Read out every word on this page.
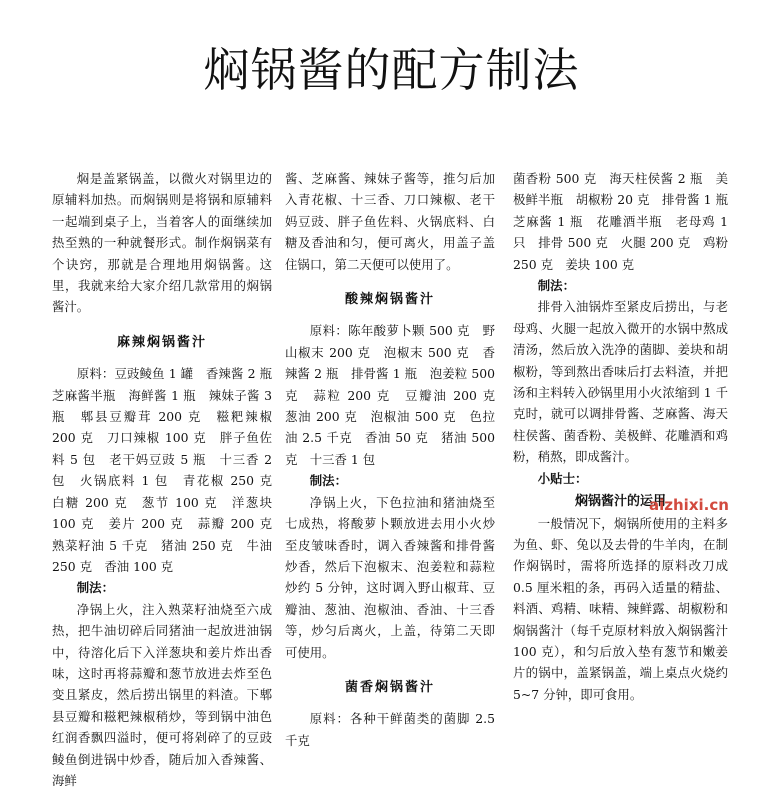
焖锅酱的配方制法

焖是盖紧锅盖，以微火对锅里边的原辅料加热。而焖锅则是将锅和原辅料一起端到桌子上，当着客人的面继续加热至熟的一种就餐形式。制作焖锅菜有个诀窍，那就是合理地用焖锅酱。这里，我就来给大家介绍几款常用的焖锅酱汁。

麻辣焖锅酱汁

原料：豆豉鲮鱼 1 罐　香辣酱 2 瓶　芝麻酱半瓶　海鲜酱 1 瓶　辣妹子酱 3 瓶　郫县豆瓣茸 200 克　糍粑辣椒 200 克　刀口辣椒 100 克　胖子鱼佐料 5 包　老干妈豆豉 5 瓶　十三香 2 包　火锅底料 1 包　青花椒 250 克　白糖 200 克　葱节 100 克　洋葱块 100 克　姜片 200 克　蒜瓣 200 克　熟菜籽油 5 千克　猪油 250 克　牛油 250 克　香油 100 克

制法：

净锅上火，注入熟菜籽油烧至六成热，把牛油切碎后同猪油一起放进油锅中，待溶化后下入洋葱块和姜片炸出香味，这时再将蒜瓣和葱节放进去炸至色变且紧皮，然后捞出锅里的料渣。下郫县豆瓣和糍粑辣椒稍炒，等到锅中油色红润香飘四溢时，便可将剁碎了的豆豉鲮鱼倒进锅中炒香，随后加入香辣酱、海鲜

酱、芝麻酱、辣妹子酱等，推匀后加入青花椒、十三香、刀口辣椒、老干妈豆豉、胖子鱼佐料、火锅底料、白糖及香油和匀，便可离火，用盖子盖住锅口，第二天便可以使用了。

酸辣焖锅酱汁

原料：陈年酸萝卜颗 500 克　野山椒末 200 克　泡椒末 500 克　香辣酱 2 瓶　排骨酱 1 瓶　泡姜粒 500 克　蒜粒 200 克　豆瓣油 200 克　葱油 200 克　泡椒油 500 克　色拉油 2.5 千克　香油 50 克　猪油 500 克　十三香 1 包

制法：

净锅上火，下色拉油和猪油烧至七成热，将酸萝卜颗放进去用小火炒至皮皱味香时，调入香辣酱和排骨酱炒香，然后下泡椒末、泡姜粒和蒜粒炒约 5 分钟，这时调入野山椒茸、豆瓣油、葱油、泡椒油、香油、十三香等，炒匀后离火，上盖，待第二天即可使用。

菌香焖锅酱汁

原料：各种干鲜菌类的菌脚 2.5 千克

菌香粉 500 克　海天柱侯酱 2 瓶　美极鲜半瓶　胡椒粉 20 克　排骨酱 1 瓶　芝麻酱 1 瓶　花雕酒半瓶　老母鸡 1 只　排骨 500 克　火腿 200 克　鸡粉 250 克　姜块 100 克

制法：

排骨入油锅炸至紧皮后捞出，与老母鸡、火腿一起放入微开的水锅中熬成清汤，然后放入洗净的菌脚、姜块和胡椒粉，等到熬出香味后打去料渣，并把汤和主料转入砂锅里用小火浓缩到 1 千克时，就可以调排骨酱、芝麻酱、海天柱侯酱、菌香粉、美极鲜、花雕酒和鸡粉，稍熬，即成酱汁。

小贴士：

焖锅酱汁的运用

一般情况下，焖锅所使用的主料多为鱼、虾、兔以及去骨的牛羊肉，在制作焖锅时，需将所选择的原料改刀成 0.5 厘米粗的条，再码入适量的精盐、料酒、鸡精、味精、辣鲜露、胡椒粉和焖锅酱汁（每千克原材料放入焖锅酱汁 100 克），和匀后放入垫有葱节和嫩姜片的锅中，盖紧锅盖，端上桌点火烧约 5~7 分钟，即可食用。

aizhixi.cn
